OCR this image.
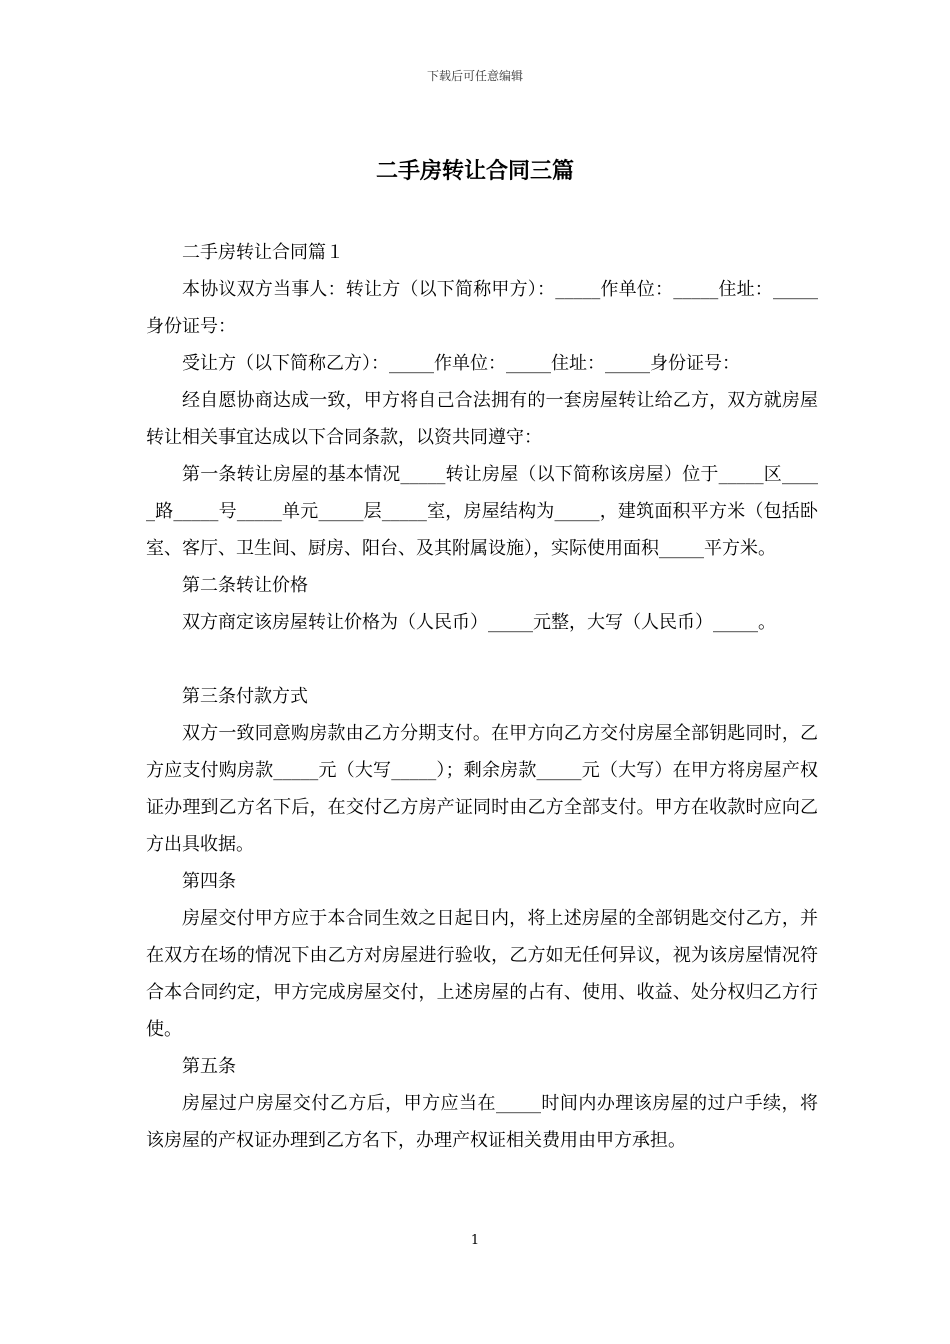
下载后可任意编辑
二手房转让合同三篇

二手房转让合同篇１

本协议双方当事人：转让方（以下简称甲方）：_____作单位：_____住址：_____身份证号：

受让方（以下简称乙方）：_____作单位：_____住址：_____身份证号：

经自愿协商达成一致，甲方将自己合法拥有的一套房屋转让给乙方，双方就房屋转让相关事宜达成以下合同条款，以资共同遵守：

第一条转让房屋的基本情况_____转让房屋（以下简称该房屋）位于_____区_____路_____号_____单元_____层_____室，房屋结构为_____，建筑面积平方米（包括卧室、客厅、卫生间、厨房、阳台、及其附属设施），实际使用面积_____平方米。

第二条转让价格

双方商定该房屋转让价格为（人民币）_____元整，大写（人民币）_____。

第三条付款方式

双方一致同意购房款由乙方分期支付。在甲方向乙方交付房屋全部钥匙同时，乙方应支付购房款_____元（大写_____）；剩余房款_____元（大写）在甲方将房屋产权证办理到乙方名下后，在交付乙方房产证同时由乙方全部支付。甲方在收款时应向乙方出具收据。

第四条

房屋交付甲方应于本合同生效之日起日内，将上述房屋的全部钥匙交付乙方，并在双方在场的情况下由乙方对房屋进行验收，乙方如无任何异议，视为该房屋情况符合本合同约定，甲方完成房屋交付，上述房屋的占有、使用、收益、处分权归乙方行使。

第五条

房屋过户房屋交付乙方后，甲方应当在_____时间内办理该房屋的过户手续，将该房屋的产权证办理到乙方名下，办理产权证相关费用由甲方承担。

1
